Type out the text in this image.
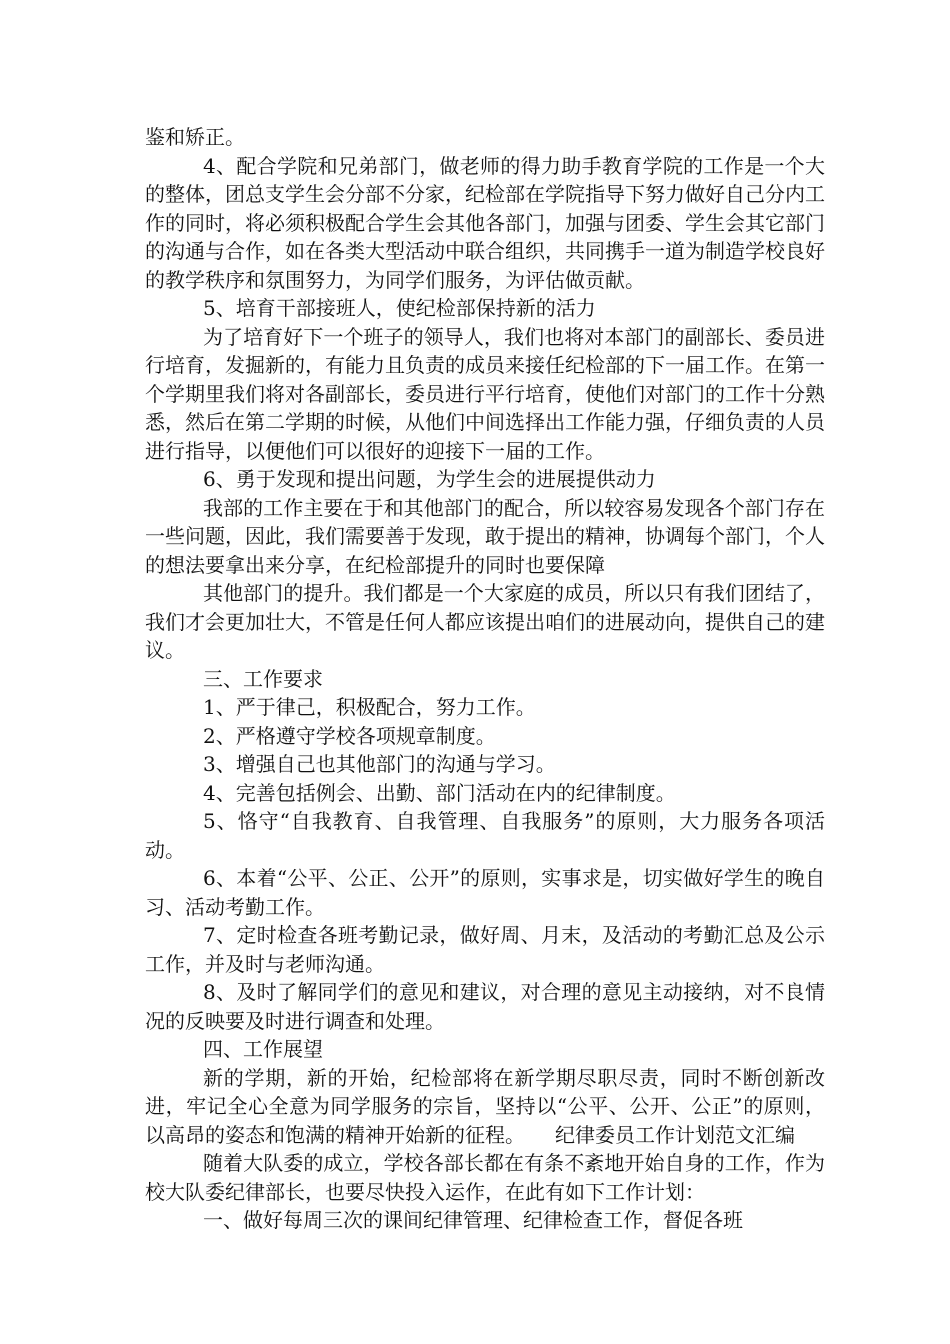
鉴和矫正。

4、配合学院和兄弟部门，做老师的得力助手教育学院的工作是一个大的整体，团总支学生会分部不分家，纪检部在学院指导下努力做好自己分内工作的同时，将必须积极配合学生会其他各部门，加强与团委、学生会其它部门的沟通与合作，如在各类大型活动中联合组织，共同携手一道为制造学校良好的教学秩序和氛围努力，为同学们服务，为评估做贡献。

5、培育干部接班人，使纪检部保持新的活力

为了培育好下一个班子的领导人，我们也将对本部门的副部长、委员进行培育，发掘新的，有能力且负责的成员来接任纪检部的下一届工作。在第一个学期里我们将对各副部长，委员进行平行培育，使他们对部门的工作十分熟悉，然后在第二学期的时候，从他们中间选择出工作能力强，仔细负责的人员进行指导，以便他们可以很好的迎接下一届的工作。

6、勇于发现和提出问题，为学生会的进展提供动力

我部的工作主要在于和其他部门的配合，所以较容易发现各个部门存在一些问题，因此，我们需要善于发现，敢于提出的精神，协调每个部门，个人的想法要拿出来分享，在纪检部提升的同时也要保障

其他部门的提升。我们都是一个大家庭的成员，所以只有我们团结了，我们才会更加壮大，不管是任何人都应该提出咱们的进展动向，提供自己的建议。

三、工作要求

1、严于律己，积极配合，努力工作。

2、严格遵守学校各项规章制度。

3、增强自己也其他部门的沟通与学习。

4、完善包括例会、出勤、部门活动在内的纪律制度。

5、恪守“自我教育、自我管理、自我服务”的原则，大力服务各项活动。

6、本着“公平、公正、公开”的原则，实事求是，切实做好学生的晚自习、活动考勤工作。

7、定时检查各班考勤记录，做好周、月末，及活动的考勤汇总及公示工作，并及时与老师沟通。

8、及时了解同学们的意见和建议，对合理的意见主动接纳，对不良情况的反映要及时进行调查和处理。

四、工作展望

新的学期，新的开始，纪检部将在新学期尽职尽责，同时不断创新改进，牢记全心全意为同学服务的宗旨，坚持以“公平、公开、公正”的原则，以高昂的姿态和饱满的精神开始新的征程。　　纪律委员工作计划范文汇编

随着大队委的成立，学校各部长都在有条不紊地开始自身的工作，作为校大队委纪律部长，也要尽快投入运作，在此有如下工作计划：

一、做好每周三次的课间纪律管理、纪律检查工作，督促各班
